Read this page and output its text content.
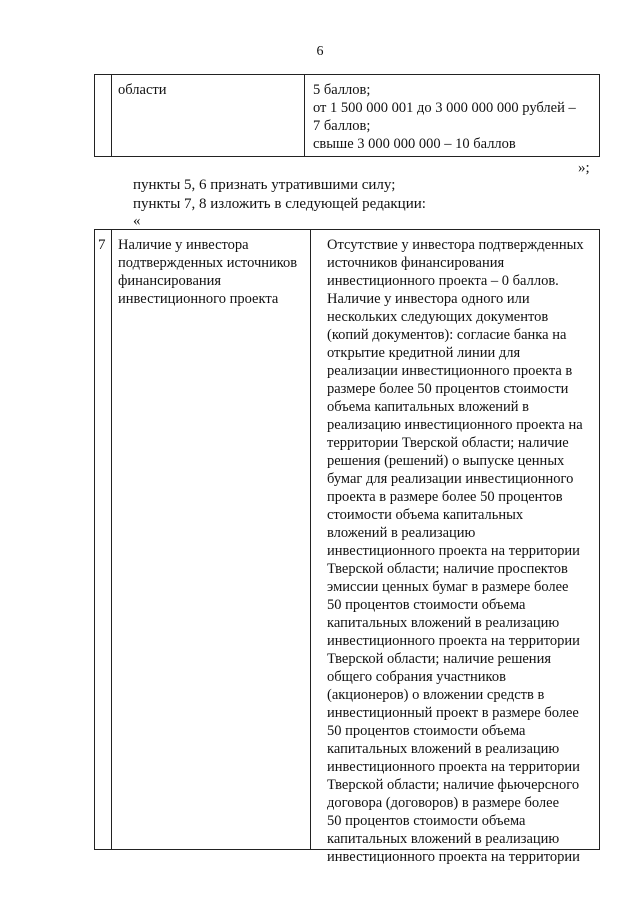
6
области	5 баллов;
от 1 500 000 001 до 3 000 000 000 рублей –
7 баллов;
свыше 3 000 000 000 – 10 баллов
»;
пункты 5, 6 признать утратившими силу;
пункты 7, 8 изложить в следующей редакции:
«
7 Наличие у инвестора
подтвержденных источников
финансирования
инвестиционного проекта
Отсутствие у инвестора подтвержденных
источников финансирования
инвестиционного проекта – 0 баллов.
Наличие у инвестора одного или
нескольких следующих документов
(копий документов): согласие банка на
открытие кредитной линии для
реализации инвестиционного проекта в
размере более 50 процентов стоимости
объема капитальных вложений в
реализацию инвестиционного проекта на
территории Тверской области; наличие
решения (решений) о выпуске ценных
бумаг для реализации инвестиционного
проекта в размере более 50 процентов
стоимости объема капитальных
вложений в реализацию
инвестиционного проекта на территории
Тверской области; наличие проспектов
эмиссии ценных бумаг в размере более
50 процентов стоимости объема
капитальных вложений в реализацию
инвестиционного проекта на территории
Тверской области; наличие решения
общего собрания участников
(акционеров) о вложении средств в
инвестиционный проект в размере более
50 процентов стоимости объема
капитальных вложений в реализацию
инвестиционного проекта на территории
Тверской области; наличие фьючерсного
договора (договоров) в размере более
50 процентов стоимости объема
капитальных вложений в реализацию
инвестиционного проекта на территории
